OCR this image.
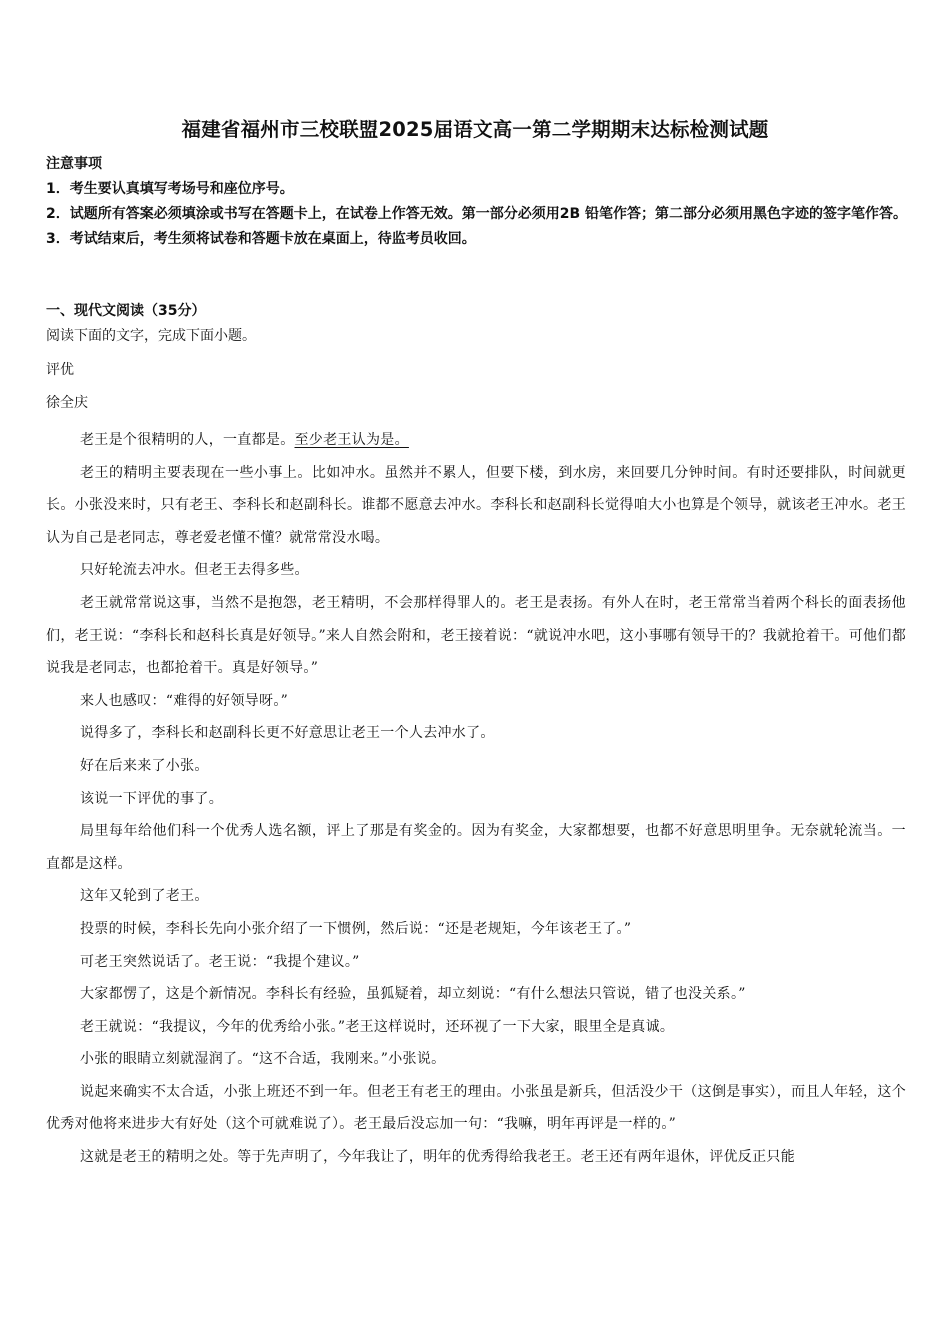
福建省福州市三校联盟2025届语文高一第二学期期末达标检测试题
注意事项
1．考生要认真填写考场号和座位序号。
2．试题所有答案必须填涂或书写在答题卡上，在试卷上作答无效。第一部分必须用2B 铅笔作答；第二部分必须用黑色字迹的签字笔作答。
3．考试结束后，考生须将试卷和答题卡放在桌面上，待监考员收回。
一、现代文阅读（35分）
阅读下面的文字，完成下面小题。
评优
徐全庆

老王是个很精明的人，一直都是。至少老王认为是。

老王的精明主要表现在一些小事上。比如冲水。虽然并不累人，但要下楼，到水房，来回要几分钟时间。有时还要排队，时间就更长。小张没来时，只有老王、李科长和赵副科长。谁都不愿意去冲水。李科长和赵副科长觉得咱大小也算是个领导，就该老王冲水。老王认为自己是老同志，尊老爱老懂不懂？就常常没水喝。

只好轮流去冲水。但老王去得多些。

老王就常常说这事，当然不是抱怨，老王精明，不会那样得罪人的。老王是表扬。有外人在时，老王常常当着两个科长的面表扬他们，老王说：“李科长和赵科长真是好领导。”来人自然会附和，老王接着说：“就说冲水吧，这小事哪有领导干的？我就抢着干。可他们都说我是老同志，也都抢着干。真是好领导。”

来人也感叹：“难得的好领导呀。”

说得多了，李科长和赵副科长更不好意思让老王一个人去冲水了。

好在后来来了小张。

该说一下评优的事了。

局里每年给他们科一个优秀人选名额，评上了那是有奖金的。因为有奖金，大家都想要，也都不好意思明里争。无奈就轮流当。一直都是这样。

这年又轮到了老王。

投票的时候，李科长先向小张介绍了一下惯例，然后说：“还是老规矩，今年该老王了。”

可老王突然说话了。老王说：“我提个建议。”

大家都愣了，这是个新情况。李科长有经验，虽狐疑着，却立刻说：“有什么想法只管说，错了也没关系。”

老王就说：“我提议，今年的优秀给小张。”老王这样说时，还环视了一下大家，眼里全是真诚。

小张的眼睛立刻就湿润了。“这不合适，我刚来。”小张说。

说起来确实不太合适，小张上班还不到一年。但老王有老王的理由。小张虽是新兵，但活没少干（这倒是事实），而且人年轻，这个优秀对他将来进步大有好处（这个可就难说了）。老王最后没忘加一句：“我嘛，明年再评是一样的。”

这就是老王的精明之处。等于先声明了，今年我让了，明年的优秀得给我老王。老王还有两年退休，评优反正只能
